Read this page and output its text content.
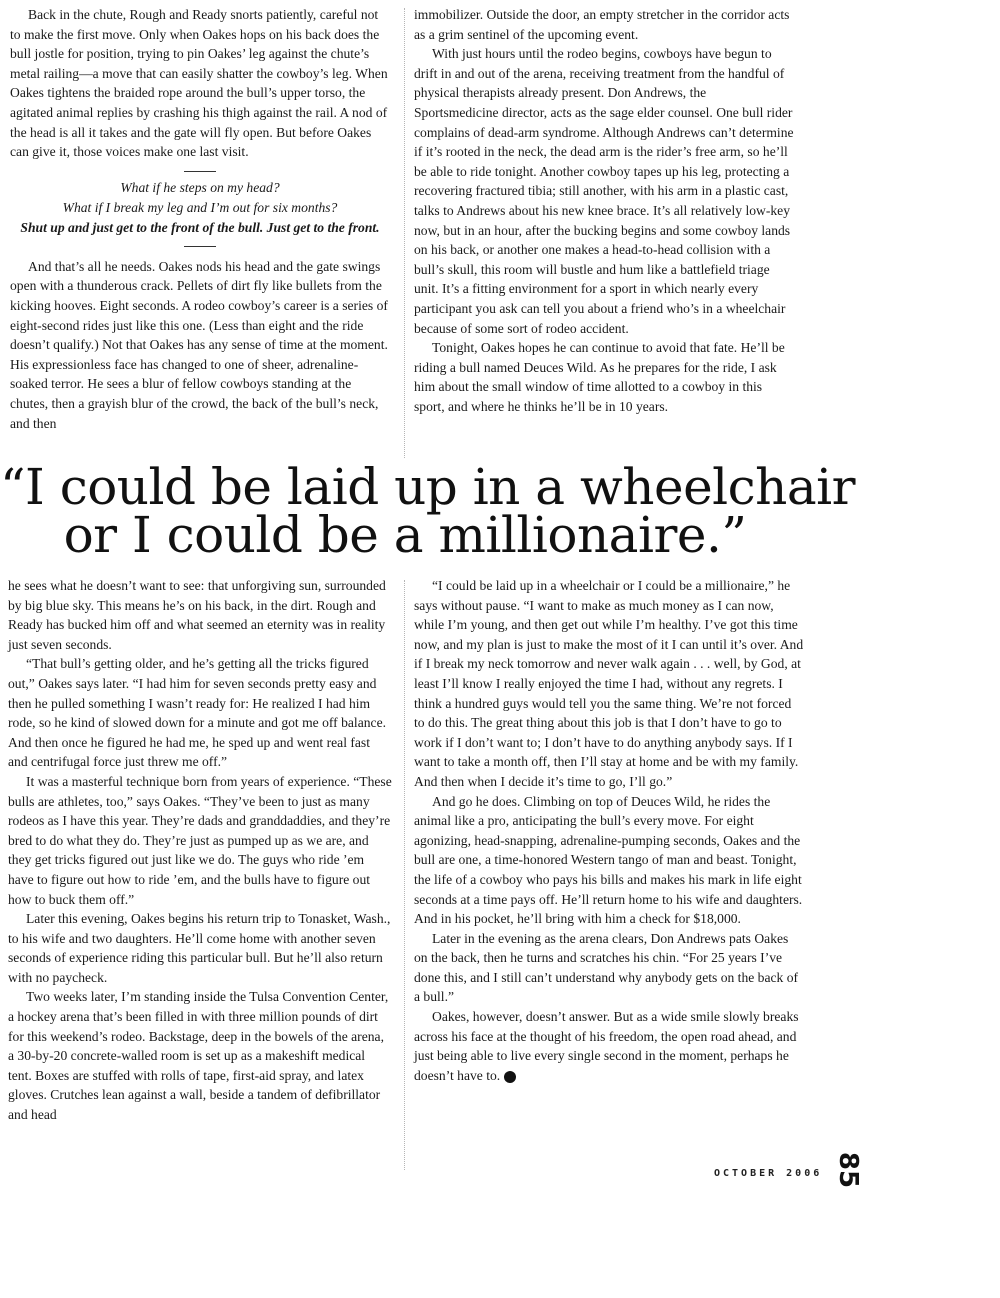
Back in the chute, Rough and Ready snorts patiently, careful not to make the first move. Only when Oakes hops on his back does the bull jostle for position, trying to pin Oakes’ leg against the chute’s metal railing—a move that can easily shatter the cowboy’s leg. When Oakes tightens the braided rope around the bull’s upper torso, the agitated animal replies by crashing his thigh against the rail. A nod of the head is all it takes and the gate will fly open. But before Oakes can give it, those voices make one last visit.

What if he steps on my head?
What if I break my leg and I’m out for six months?
Shut up and just get to the front of the bull. Just get to the front.

And that’s all he needs. Oakes nods his head and the gate swings open with a thunderous crack. Pellets of dirt fly like bullets from the kicking hooves. Eight seconds. A rodeo cowboy’s career is a series of eight-second rides just like this one. (Less than eight and the ride doesn’t qualify.) Not that Oakes has any sense of time at the moment. His expressionless face has changed to one of sheer, adrenaline-soaked terror. He sees a blur of fellow cowboys standing at the chutes, then a grayish blur of the crowd, the back of the bull’s neck, and then

immobilizer. Outside the door, an empty stretcher in the corridor acts as a grim sentinel of the upcoming event.

With just hours until the rodeo begins, cowboys have begun to drift in and out of the arena, receiving treatment from the handful of physical therapists already present. Don Andrews, the Sportsmedicine director, acts as the sage elder counsel. One bull rider complains of dead-arm syndrome. Although Andrews can’t determine if it’s rooted in the neck, the dead arm is the rider’s free arm, so he’ll be able to ride tonight. Another cowboy tapes up his leg, protecting a recovering fractured tibia; still another, with his arm in a plastic cast, talks to Andrews about his new knee brace. It’s all relatively low-key now, but in an hour, after the bucking begins and some cowboy lands on his back, or another one makes a head-to-head collision with a bull’s skull, this room will bustle and hum like a battlefield triage unit. It’s a fitting environment for a sport in which nearly every participant you ask can tell you about a friend who’s in a wheelchair because of some sort of rodeo accident.

Tonight, Oakes hopes he can continue to avoid that fate. He’ll be riding a bull named Deuces Wild. As he prepares for the ride, I ask him about the small window of time allotted to a cowboy in this sport, and where he thinks he’ll be in 10 years.

“I could be laid up in a wheelchair
or I could be a millionaire.”

he sees what he doesn’t want to see: that unforgiving sun, surrounded by big blue sky. This means he’s on his back, in the dirt. Rough and Ready has bucked him off and what seemed an eternity was in reality just seven seconds.

“That bull’s getting older, and he’s getting all the tricks figured out,” Oakes says later. “I had him for seven seconds pretty easy and then he pulled something I wasn’t ready for: He realized I had him rode, so he kind of slowed down for a minute and got me off balance. And then once he figured he had me, he sped up and went real fast and centrifugal force just threw me off.”

It was a masterful technique born from years of experience. “These bulls are athletes, too,” says Oakes. “They’ve been to just as many rodeos as I have this year. They’re dads and granddaddies, and they’re bred to do what they do. They’re just as pumped up as we are, and they get tricks figured out just like we do. The guys who ride ’em have to figure out how to ride ’em, and the bulls have to figure out how to buck them off.”

Later this evening, Oakes begins his return trip to Tonasket, Wash., to his wife and two daughters. He’ll come home with another seven seconds of experience riding this particular bull. But he’ll also return with no paycheck.

Two weeks later, I’m standing inside the Tulsa Convention Center, a hockey arena that’s been filled in with three million pounds of dirt for this weekend’s rodeo. Backstage, deep in the bowels of the arena, a 30-by-20 concrete-walled room is set up as a makeshift medical tent. Boxes are stuffed with rolls of tape, first-aid spray, and latex gloves. Crutches lean against a wall, beside a tandem of defibrillator and head

“I could be laid up in a wheelchair or I could be a millionaire,” he says without pause. “I want to make as much money as I can now, while I’m young, and then get out while I’m healthy. I’ve got this time now, and my plan is just to make the most of it I can until it’s over. And if I break my neck tomorrow and never walk again . . . well, by God, at least I’ll know I really enjoyed the time I had, without any regrets. I think a hundred guys would tell you the same thing. We’re not forced to do this. The great thing about this job is that I don’t have to go to work if I don’t want to; I don’t have to do anything anybody says. If I want to take a month off, then I’ll stay at home and be with my family. And then when I decide it’s time to go, I’ll go.”

And go he does. Climbing on top of Deuces Wild, he rides the animal like a pro, anticipating the bull’s every move. For eight agonizing, head-snapping, adrenaline-pumping seconds, Oakes and the bull are one, a time-honored Western tango of man and beast. Tonight, the life of a cowboy who pays his bills and makes his mark in life eight seconds at a time pays off. He’ll return home to his wife and daughters. And in his pocket, he’ll bring with him a check for $18,000.

Later in the evening as the arena clears, Don Andrews pats Oakes on the back, then he turns and scratches his chin. “For 25 years I’ve done this, and I still can’t understand why anybody gets on the back of a bull.”

Oakes, however, doesn’t answer. But as a wide smile slowly breaks across his face at the thought of his freedom, the open road ahead, and just being able to live every single second in the moment, perhaps he doesn’t have to.

OCTOBER 2006 85
